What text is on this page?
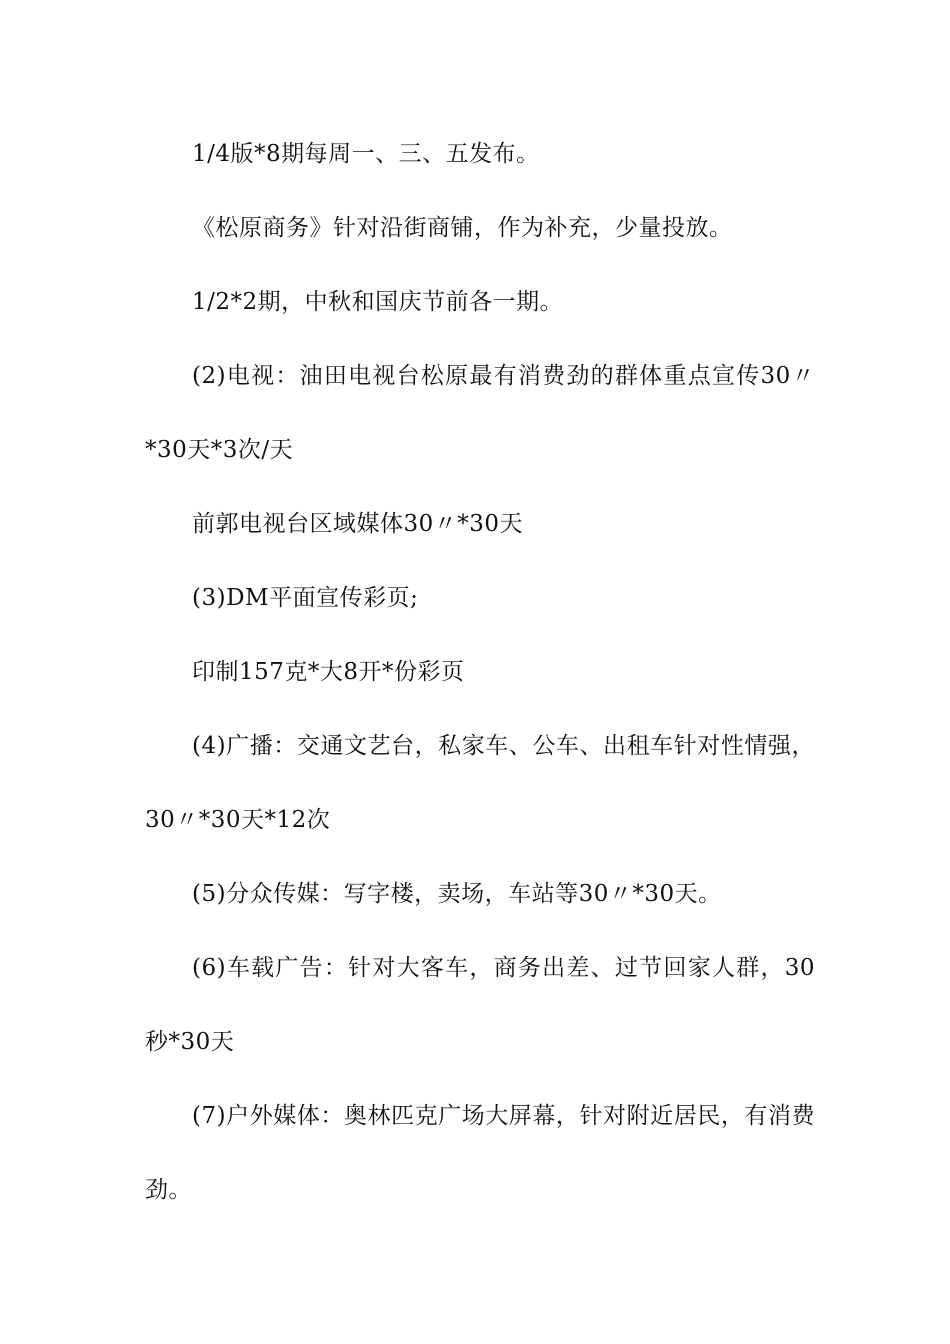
1/4版*8期每周一、三、五发布。

《松原商务》针对沿街商铺，作为补充，少量投放。

1/2*2期，中秋和国庆节前各一期。

(2)电视：油田电视台松原最有消费劲的群体重点宣传30〃*30天*3次/天

前郭电视台区域媒体30〃*30天

(3)DM平面宣传彩页;

印制157克*大8开*份彩页

(4)广播：交通文艺台，私家车、公车、出租车针对性情强，30〃*30天*12次

(5)分众传媒：写字楼，卖场，车站等30〃*30天。

(6)车载广告：针对大客车，商务出差、过节回家人群，30秒*30天

(7)户外媒体：奥林匹克广场大屏幕，针对附近居民，有消费劲。
